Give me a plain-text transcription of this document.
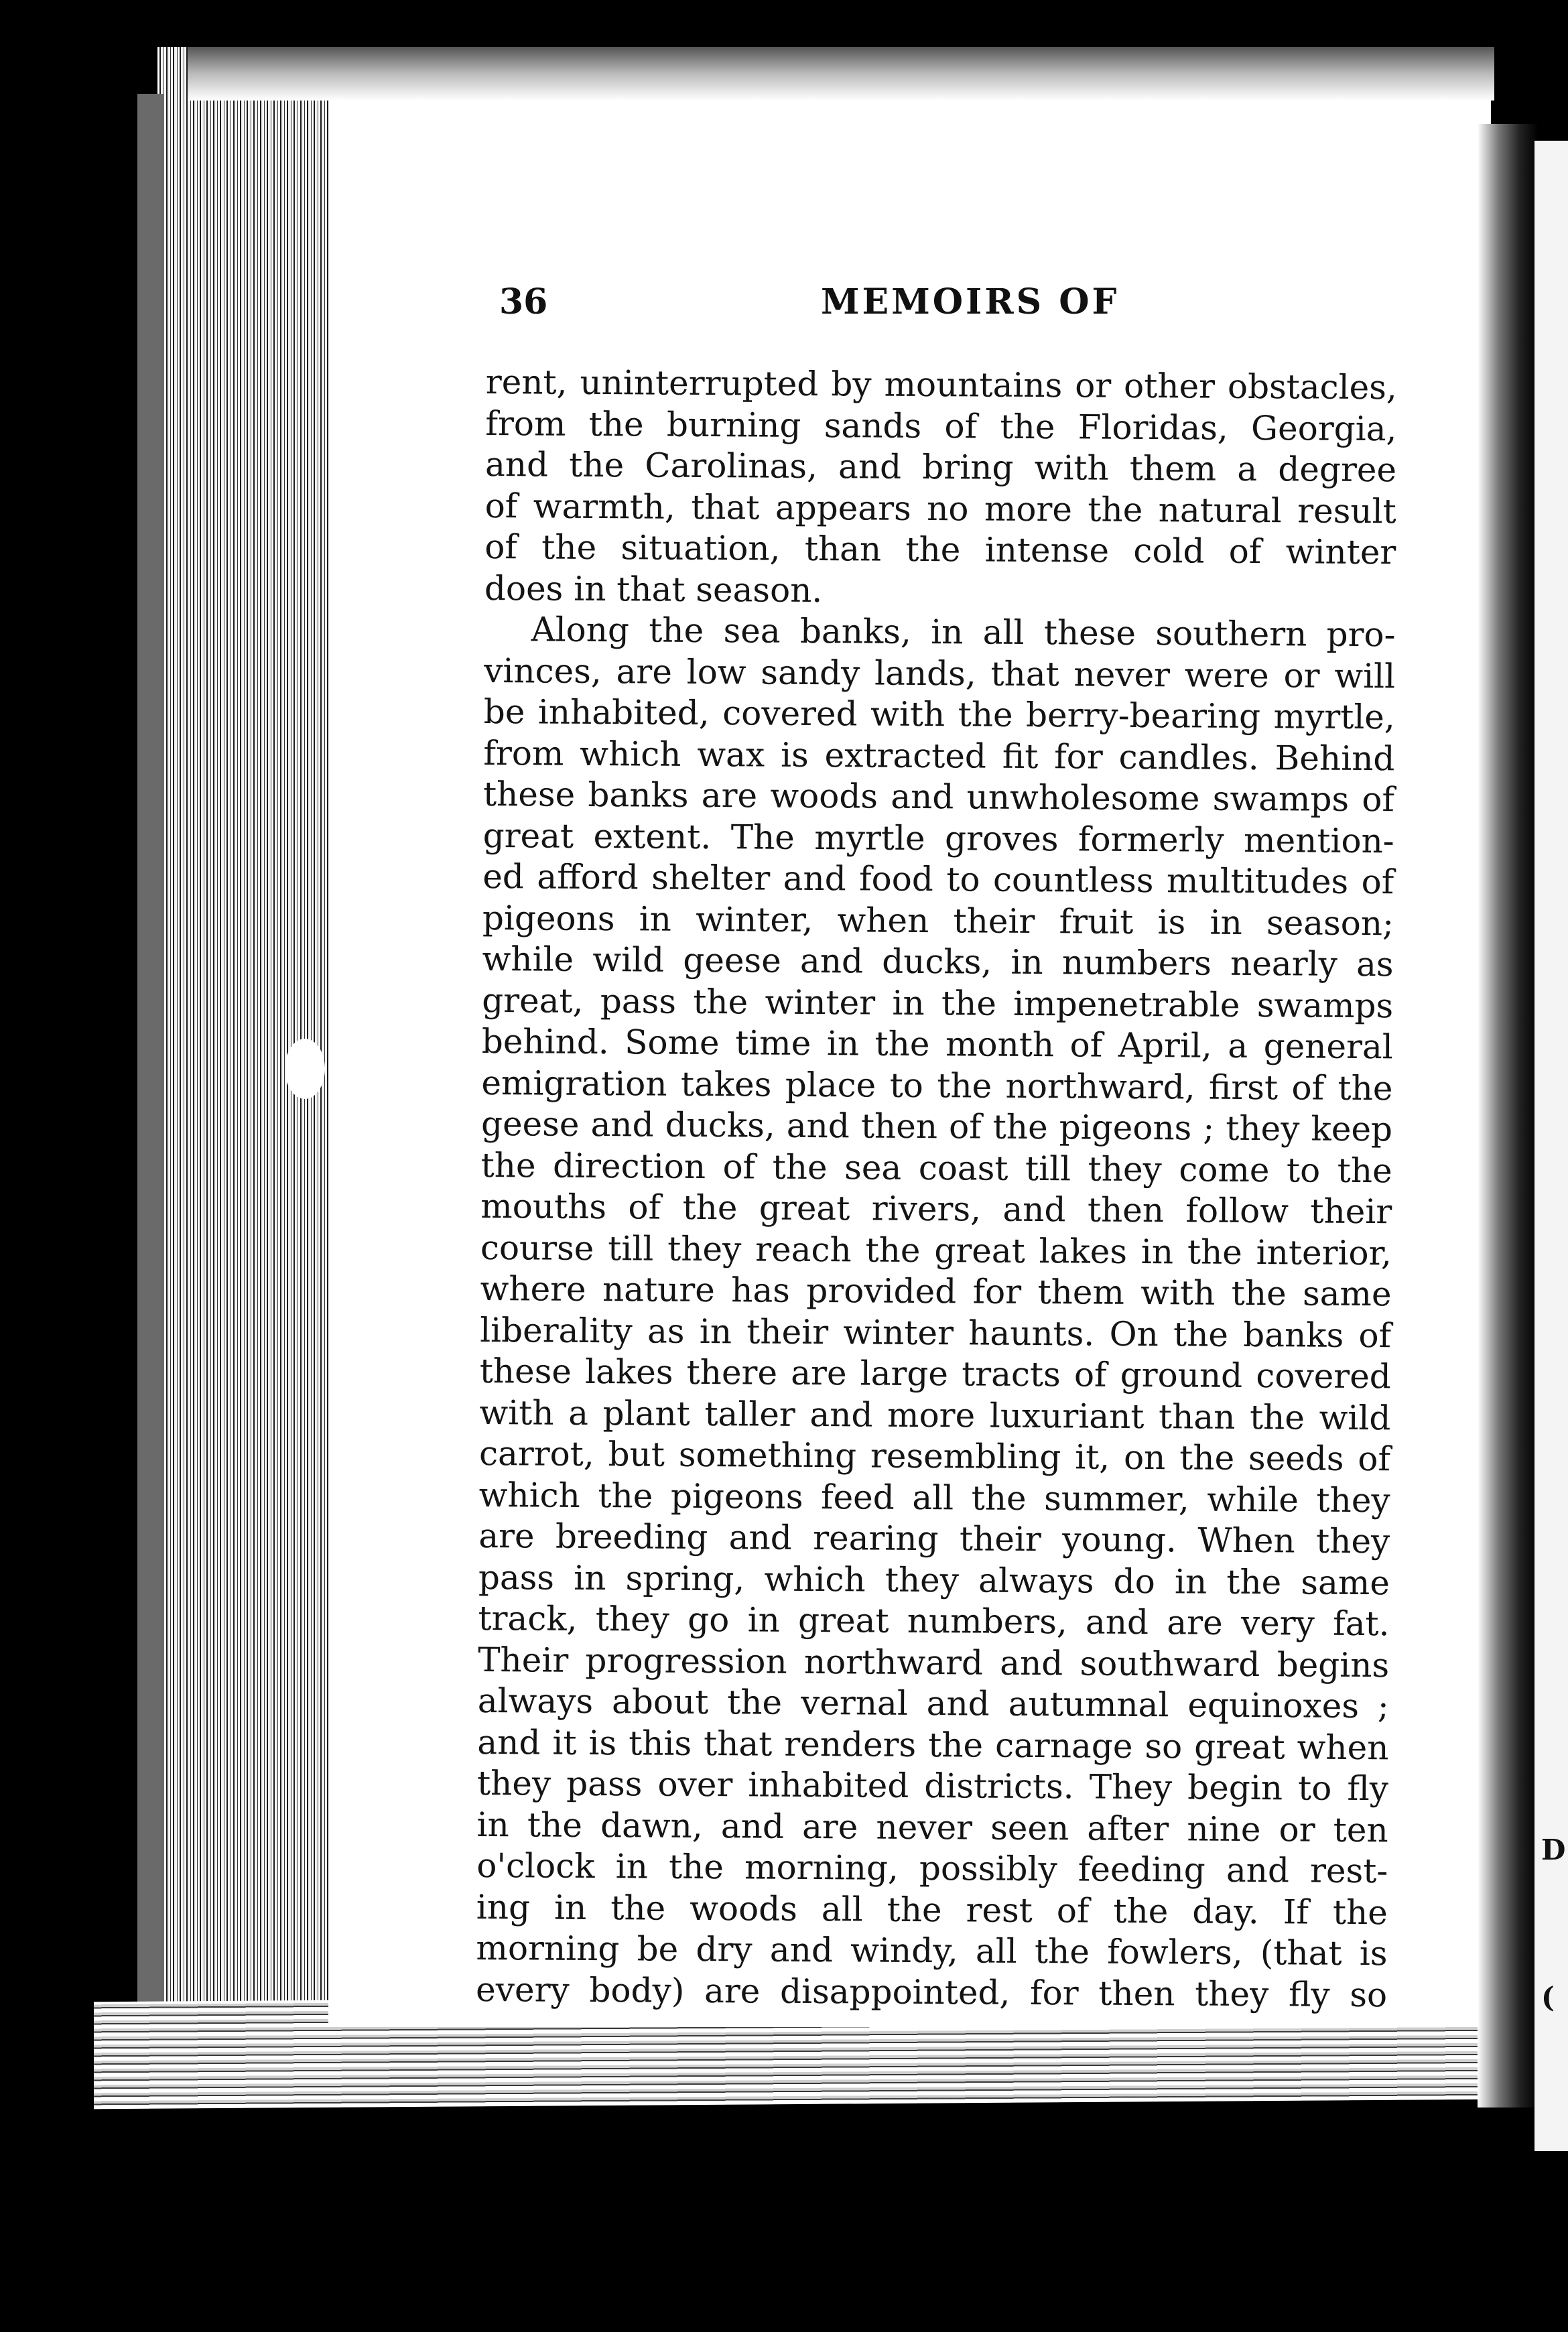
D
(
36	MEMOIRS OF
rent, uninterrupted by mountains or other obstacles,
from the burning sands of the Floridas, Georgia,
and the Carolinas, and bring with them a degree
of warmth, that appears no more the natural result
of the situation, than the intense cold of winter
does in that season.
Along the sea banks, in all these southern pro-
vinces, are low sandy lands, that never were or will
be inhabited, covered with the berry-bearing myrtle,
from which wax is extracted fit for candles. Behind
these banks are woods and unwholesome swamps of
great extent. The myrtle groves formerly mention-
ed afford shelter and food to countless multitudes of
pigeons in winter, when their fruit is in season;
while wild geese and ducks, in numbers nearly as
great, pass the winter in the impenetrable swamps
behind. Some time in the month of April, a general
emigration takes place to the northward, first of the
geese and ducks, and then of the pigeons ; they keep
the direction of the sea coast till they come to the
mouths of the great rivers, and then follow their
course till they reach the great lakes in the interior,
where nature has provided for them with the same
liberality as in their winter haunts. On the banks of
these lakes there are large tracts of ground covered
with a plant taller and more luxuriant than the wild
carrot, but something resembling it, on the seeds of
which the pigeons feed all the summer, while they
are breeding and rearing their young. When they
pass in spring, which they always do in the same
track, they go in great numbers, and are very fat.
Their progression northward and southward begins
always about the vernal and autumnal equinoxes ;
and it is this that renders the carnage so great when
they pass over inhabited districts. They begin to fly
in the dawn, and are never seen after nine or ten
o'clock in the morning, possibly feeding and rest-
ing in the woods all the rest of the day. If the
morning be dry and windy, all the fowlers, (that is
every body) are disappointed, for then they fly so
